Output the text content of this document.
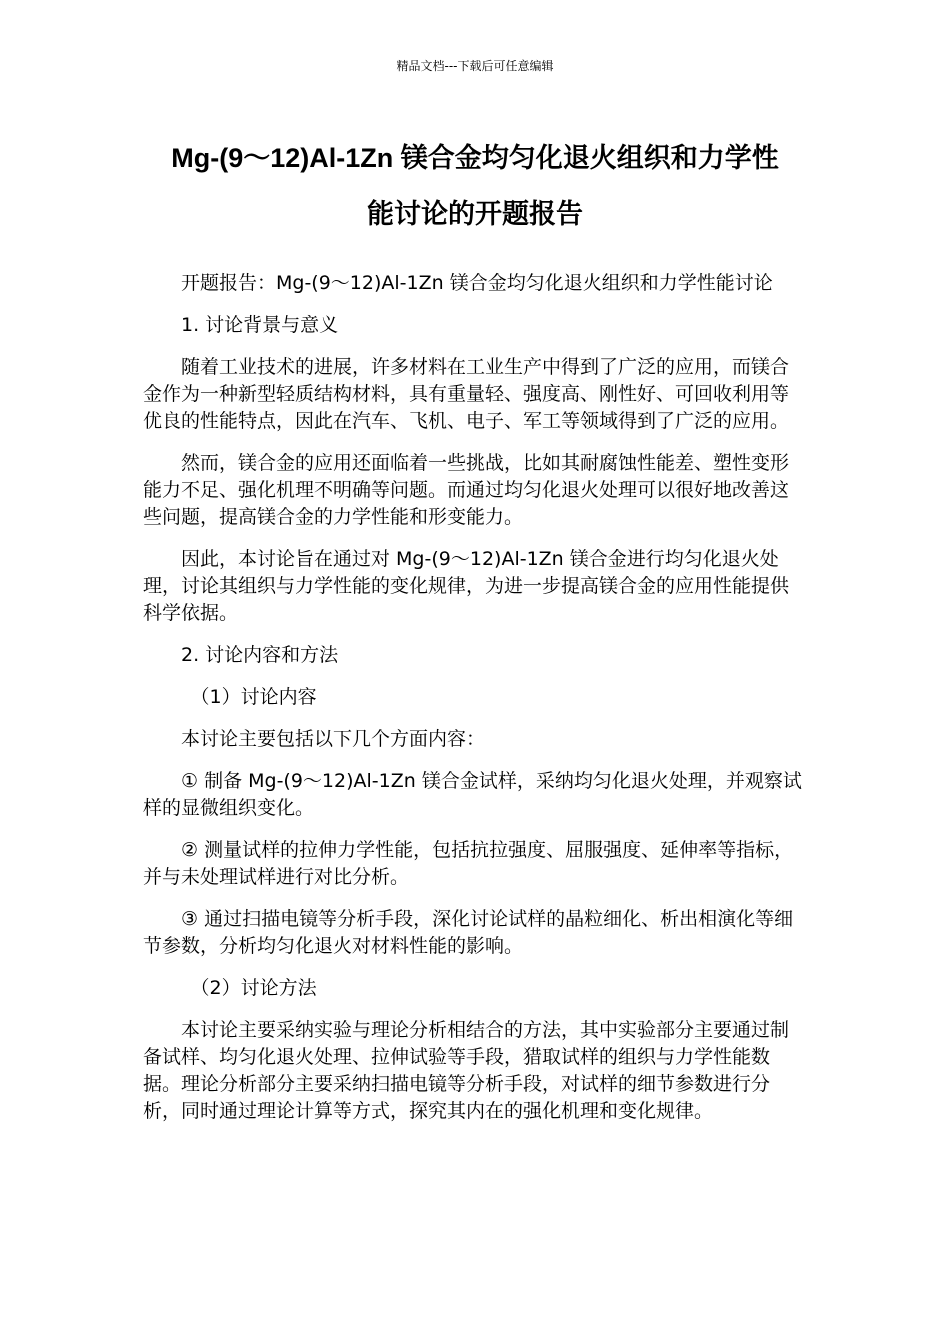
精品文档---下载后可任意编辑
Mg-(9～12)Al-1Zn 镁合金均匀化退火组织和力学性
能讨论的开题报告

开题报告：Mg-(9～12)Al-1Zn 镁合金均匀化退火组织和力学性能讨论

1. 讨论背景与意义

随着工业技术的进展，许多材料在工业生产中得到了广泛的应用，而镁合金作为一种新型轻质结构材料，具有重量轻、强度高、刚性好、可回收利用等优良的性能特点，因此在汽车、飞机、电子、军工等领域得到了广泛的应用。

然而，镁合金的应用还面临着一些挑战，比如其耐腐蚀性能差、塑性变形能力不足、强化机理不明确等问题。而通过均匀化退火处理可以很好地改善这些问题，提高镁合金的力学性能和形变能力。

因此，本讨论旨在通过对 Mg-(9～12)Al-1Zn 镁合金进行均匀化退火处理，讨论其组织与力学性能的变化规律，为进一步提高镁合金的应用性能提供科学依据。

2. 讨论内容和方法

（1）讨论内容

本讨论主要包括以下几个方面内容：

① 制备 Mg-(9～12)Al-1Zn 镁合金试样，采纳均匀化退火处理，并观察试样的显微组织变化。

② 测量试样的拉伸力学性能，包括抗拉强度、屈服强度、延伸率等指标，并与未处理试样进行对比分析。

③ 通过扫描电镜等分析手段，深化讨论试样的晶粒细化、析出相演化等细节参数，分析均匀化退火对材料性能的影响。

（2）讨论方法

本讨论主要采纳实验与理论分析相结合的方法，其中实验部分主要通过制备试样、均匀化退火处理、拉伸试验等手段，猎取试样的组织与力学性能数据。理论分析部分主要采纳扫描电镜等分析手段，对试样的细节参数进行分析，同时通过理论计算等方式，探究其内在的强化机理和变化规律。
